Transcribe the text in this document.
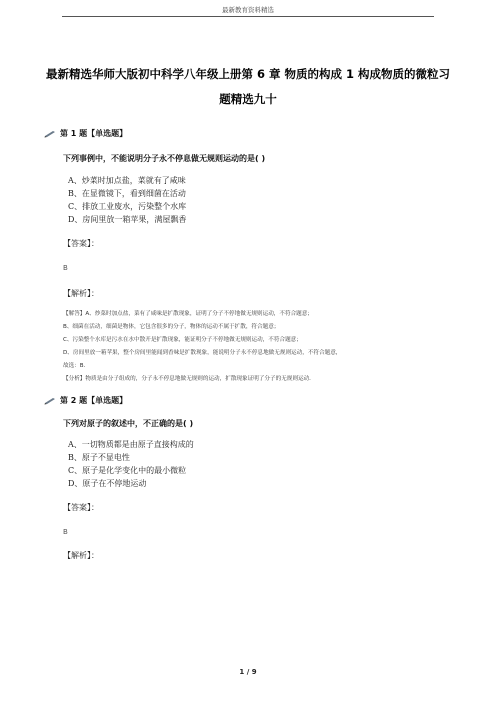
最新教育资料精选
最新精选华师大版初中科学八年级上册第 6 章 物质的构成 1 构成物质的微粒习
题精选九十
第 1 题【单选题】
下列事例中，不能说明分子永不停息做无规则运动的是( )
A、炒菜时加点盐，菜就有了咸味
B、在显微镜下，看到细菌在活动
C、排放工业废水，污染整个水库
D、房间里放一箱苹果，满屋飘香
【答案】：
B
【解析】：
【解答】A、炒菜时加点盐，菜有了咸味是扩散现象，证明了分子不停地做无规则运动，不符合题意；
B、细菌在活动，细菌是物体，它包含很多的分子，物体的运动不属于扩散，符合题意；
C、污染整个水库是污水在水中散开是扩散现象，能证明分子不停地做无规则运动，不符合题意；
D、房间里放一箱苹果，整个房间里能闻到香味是扩散现象，能说明分子永不停息地做无规则运动，不符合题意，
故选：B．
【分析】物质是由分子组成的，分子永不停息地做无规则的运动，扩散现象证明了分子的无规则运动．
第 2 题【单选题】
下列对原子的叙述中，不正确的是( )
A、一切物质都是由原子直接构成的
B、原子不显电性
C、原子是化学变化中的最小微粒
D、原子在不停地运动
【答案】：
B
【解析】：
1 / 9
